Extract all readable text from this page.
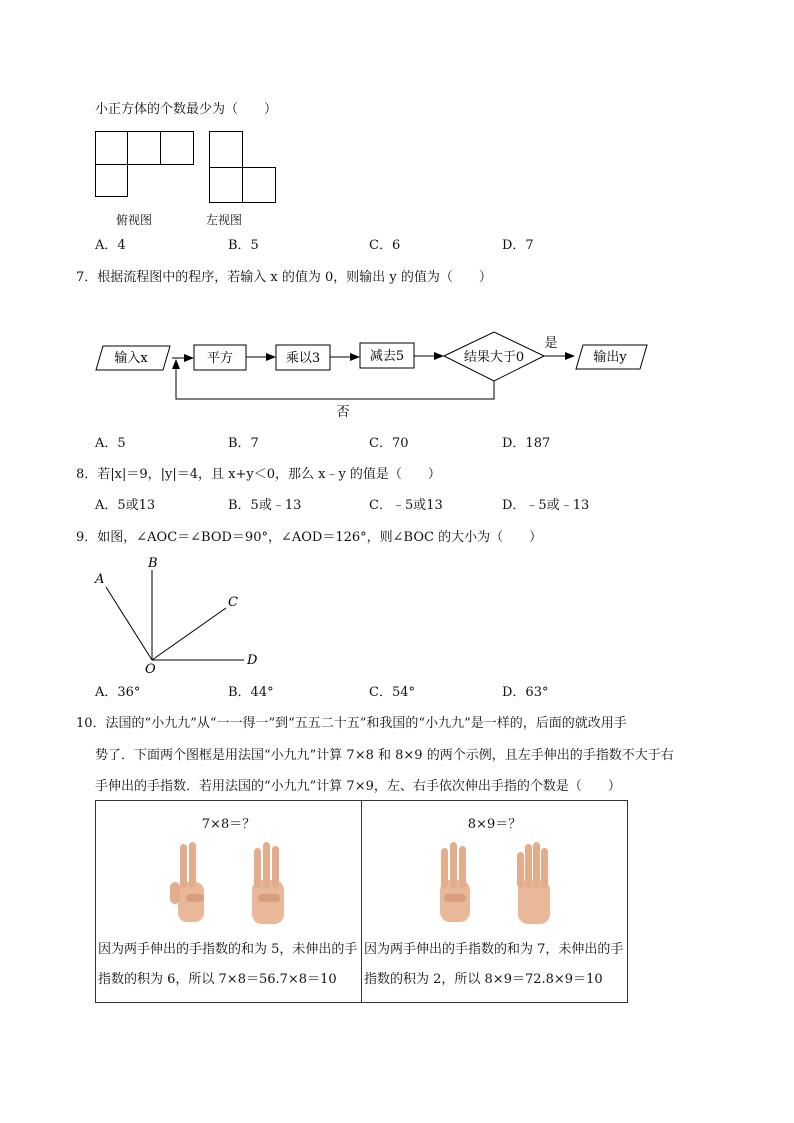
小正方体的个数最少为（　　）
俯视图	左视图
A．4	B．5	C．6	D．7
7．根据流程图中的程序，若输入 x 的值为 0，则输出 y 的值为（　　）
输入x	平方	乘以3	减去5	结果大于0
是
输出y
否
A．5	B．7	C．70	D．187
8．若|x|＝9，|y|＝4，且 x+y＜0，那么 x﹣y 的值是（　　）
A．5或13	B．5或﹣13	C．﹣5或13	D．﹣5或﹣13
9．如图，∠AOC＝∠BOD＝90°，∠AOD＝126°，则∠BOC 的大小为（　　）
A
B
C
D
O
A．36°	B．44°	C．54°	D．63°
10．法国的“小九九”从“一一得一”到“五五二十五”和我国的“小九九”是一样的，后面的就改用手
势了．下面两个图框是用法国“小九九”计算 7×8 和 8×9 的两个示例，且左手伸出的手指数不大于右
手伸出的手指数．若用法国的“小九九”计算 7×9，左、右手依次伸出手指的个数是（　　）
7×8＝？
因为两手伸出的手指数的和为 5，未伸出的手指数的积为 6，所以 7×8＝56.7×8＝10

8×9＝？
因为两手伸出的手指数的和为 7，未伸出的手指数的积为 2，所以 8×9＝72.8×9＝10
